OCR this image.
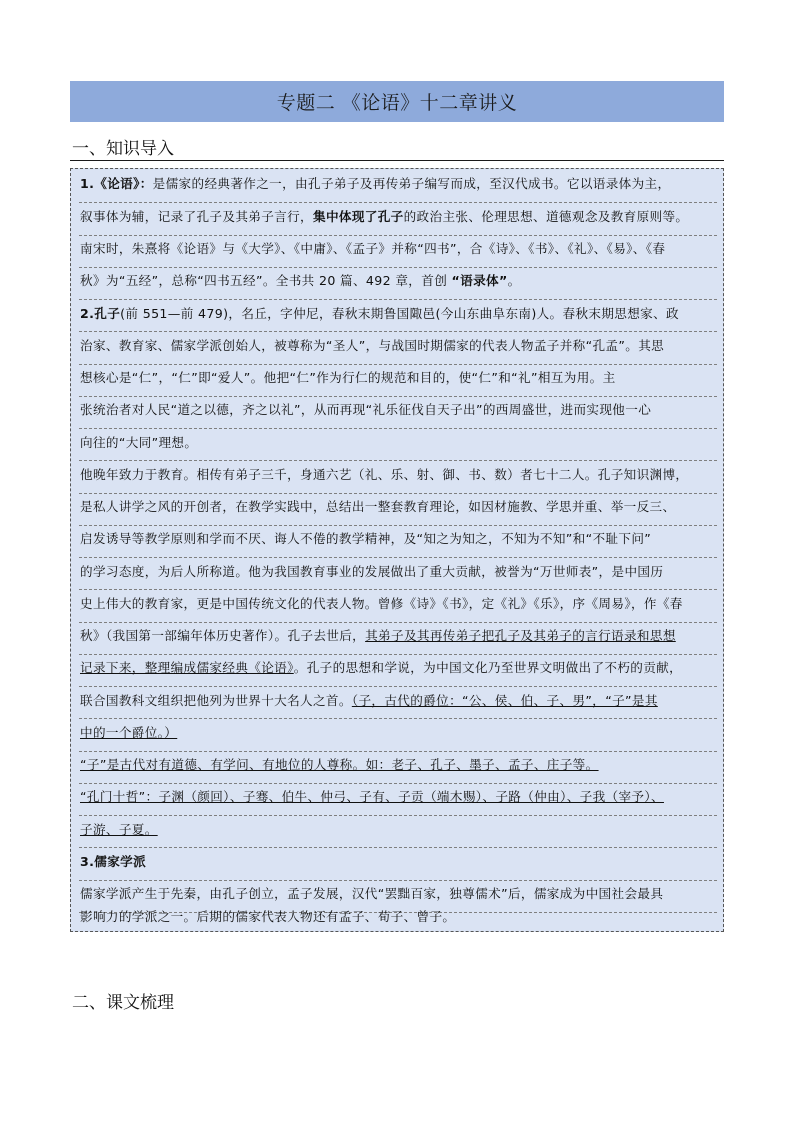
专题二 《论语》十二章讲义
一、知识导入
1.《论语》：是儒家的经典著作之一，由孔子弟子及再传弟子编写而成，至汉代成书。它以语录体为主，
叙事体为辅，记录了孔子及其弟子言行，集中体现了孔子的政治主张、伦理思想、道德观念及教育原则等。
南宋时，朱熹将《论语》与《大学》、《中庸》、《孟子》并称“四书”，合《诗》、《书》、《礼》、《易》、《春
秋》为“五经”，总称“四书五经”。全书共 20 篇、492 章，首创 “语录体”。
2.孔子(前 551—前 479)，名丘，字仲尼，春秋末期鲁国陬邑(今山东曲阜东南)人。春秋末期思想家、政
治家、教育家、儒家学派创始人，被尊称为“圣人”，与战国时期儒家的代表人物孟子并称“孔孟”。其思
想核心是“仁”，“仁”即“爱人”。他把“仁”作为行仁的规范和目的，使“仁”和“礼”相互为用。主
张统治者对人民“道之以德，齐之以礼”，从而再现“礼乐征伐自天子出”的西周盛世，进而实现他一心
向往的“大同”理想。
他晚年致力于教育。相传有弟子三千，身通六艺（礼、乐、射、御、书、数）者七十二人。孔子知识渊博，
是私人讲学之风的开创者，在教学实践中，总结出一整套教育理论，如因材施教、学思并重、举一反三、
启发诱导等教学原则和学而不厌、诲人不倦的教学精神，及“知之为知之，不知为不知”和“不耻下问”
的学习态度，为后人所称道。他为我国教育事业的发展做出了重大贡献，被誉为“万世师表”，是中国历
史上伟大的教育家，更是中国传统文化的代表人物。曾修《诗》《书》，定《礼》《乐》，序《周易》，作《春
秋》（我国第一部编年体历史著作）。孔子去世后，其弟子及其再传弟子把孔子及其弟子的言行语录和思想
记录下来，整理编成儒家经典《论语》。孔子的思想和学说，为中国文化乃至世界文明做出了不朽的贡献，
联合国教科文组织把他列为世界十大名人之首。（子，古代的爵位：“公、侯、伯、子、男”，“子”是其
中的一个爵位。）
“子”是古代对有道德、有学问、有地位的人尊称。如：老子、孔子、墨子、孟子、庄子等。
“孔门十哲”：子渊（颜回）、子骞、伯牛、仲弓、子有、子贡（端木赐）、子路（仲由）、子我（宰予）、
子游、子夏。
3.儒家学派
儒家学派产生于先秦，由孔子创立，孟子发展，汉代“罢黜百家，独尊儒术”后，儒家成为中国社会最具
影响力的学派之一。后期的儒家代表人物还有孟子、荀子、曾子。
二、课文梳理
